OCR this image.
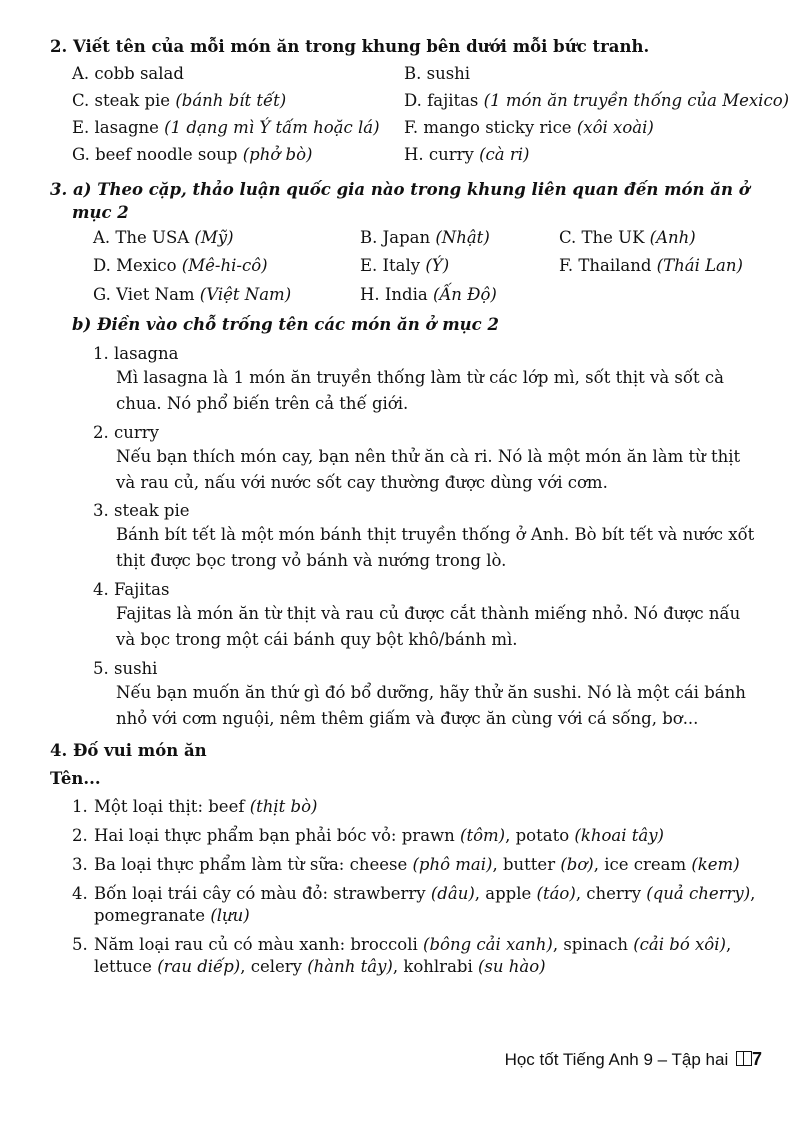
2. Viết tên của mỗi món ăn trong khung bên dưới mỗi bức tranh.
A. cobb salad	B. sushi
C. steak pie (bánh bít tết)	D. fajitas (1 món ăn truyền thống của Mexico)
E. lasagne (1 dạng mì Ý tấm hoặc lá) F. mango sticky rice (xôi xoài)
G. beef noodle soup (phở bò)	H. curry (cà ri)
3. a) Theo cặp, thảo luận quốc gia nào trong khung liên quan đến món ăn ở
mục 2
A. The USA (Mỹ)	B. Japan (Nhật)	C. The UK (Anh)
D. Mexico (Mê-hi-cô)	E. Italy (Ý)	F. Thailand (Thái Lan)
G. Viet Nam (Việt Nam)	H. India (Ấn Độ)
b) Điền vào chỗ trống tên các món ăn ở mục 2
1. lasagna
Mì lasagna là 1 món ăn truyền thống làm từ các lớp mì, sốt thịt và sốt cà
chua. Nó phổ biến trên cả thế giới.
2. curry
Nếu bạn thích món cay, bạn nên thử ăn cà ri. Nó là một món ăn làm từ thịt
và rau củ, nấu với nước sốt cay thường được dùng với cơm.
3. steak pie
Bánh bít tết là một món bánh thịt truyền thống ở Anh. Bò bít tết và nước xốt
thịt được bọc trong vỏ bánh và nướng trong lò.
4. Fajitas
Fajitas là món ăn từ thịt và rau củ được cắt thành miếng nhỏ. Nó được nấu
và bọc trong một cái bánh quy bột khô/bánh mì.
5. sushi
Nếu bạn muốn ăn thứ gì đó bổ dưỡng, hãy thử ăn sushi. Nó là một cái bánh
nhỏ với cơm nguội, nêm thêm giấm và được ăn cùng với cá sống, bơ...
4. Đố vui món ăn
Tên...
1. Một loại thịt: beef (thịt bò)
2. Hai loại thực phẩm bạn phải bóc vỏ: prawn (tôm), potato (khoai tây)
3. Ba loại thực phẩm làm từ sữa: cheese (phô mai), butter (bơ), ice cream (kem)
4. Bốn loại trái cây có màu đỏ: strawberry (dâu), apple (táo), cherry (quả cherry),
pomegranate (lựu)
5. Năm loại rau củ có màu xanh: broccoli (bông cải xanh), spinach (cải bó xôi),
lettuce (rau diếp), celery (hành tây), kohlrabi (su hào)
Học tốt Tiếng Anh 9 – Tập hai 7
